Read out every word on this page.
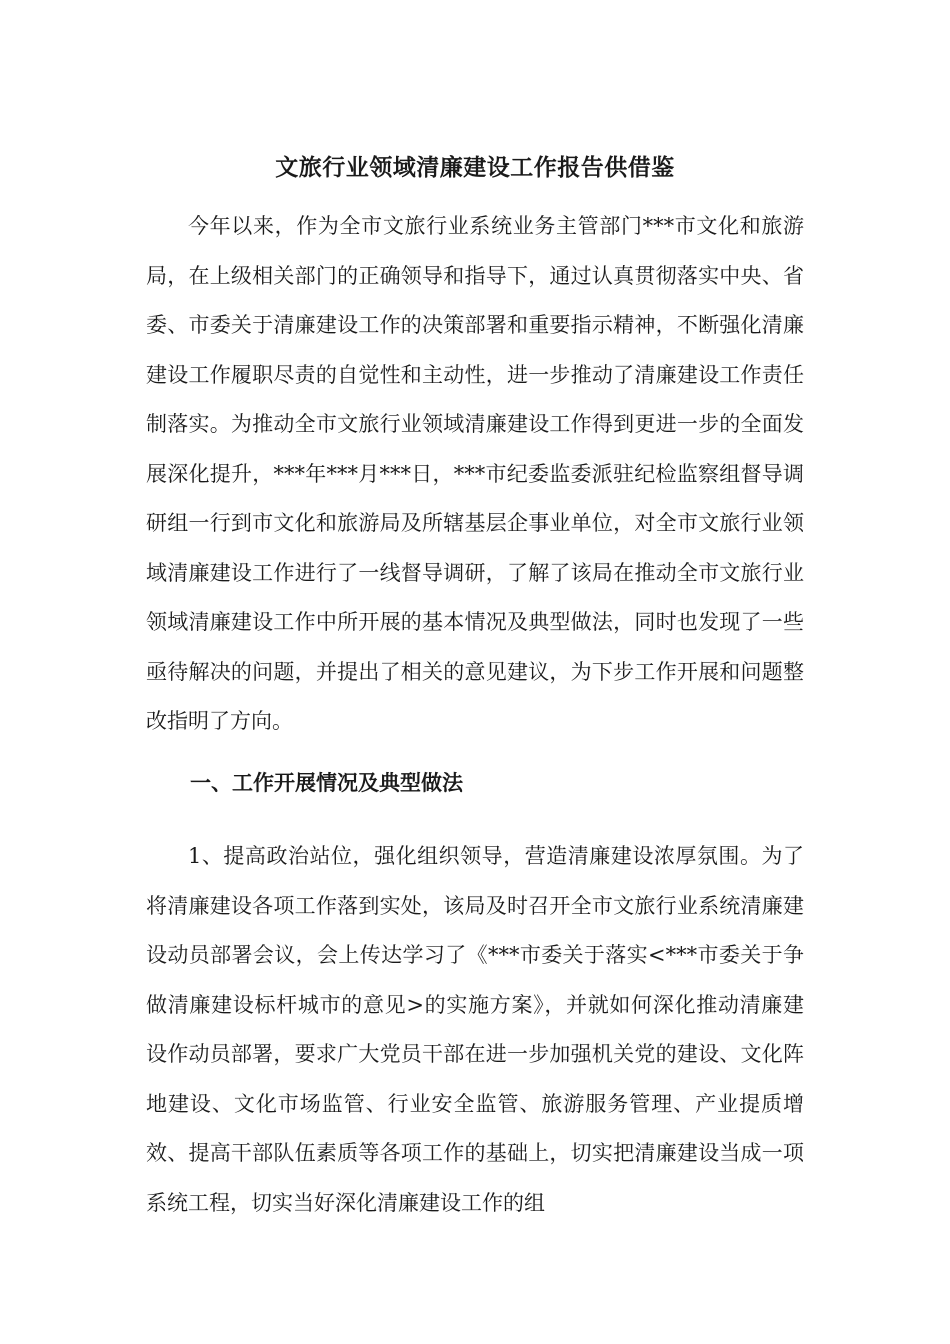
文旅行业领域清廉建设工作报告供借鉴

今年以来，作为全市文旅行业系统业务主管部门***市文化和旅游局，在上级相关部门的正确领导和指导下，通过认真贯彻落实中央、省委、市委关于清廉建设工作的决策部署和重要指示精神，不断强化清廉建设工作履职尽责的自觉性和主动性，进一步推动了清廉建设工作责任制落实。为推动全市文旅行业领域清廉建设工作得到更进一步的全面发展深化提升，***年***月***日，***市纪委监委派驻纪检监察组督导调研组一行到市文化和旅游局及所辖基层企事业单位，对全市文旅行业领域清廉建设工作进行了一线督导调研，了解了该局在推动全市文旅行业领域清廉建设工作中所开展的基本情况及典型做法，同时也发现了一些亟待解决的问题，并提出了相关的意见建议，为下步工作开展和问题整改指明了方向。

一、工作开展情况及典型做法

1、提高政治站位，强化组织领导，营造清廉建设浓厚氛围。为了将清廉建设各项工作落到实处，该局及时召开全市文旅行业系统清廉建设动员部署会议，会上传达学习了《***市委关于落实<***市委关于争做清廉建设标杆城市的意见>的实施方案》，并就如何深化推动清廉建设作动员部署，要求广大党员干部在进一步加强机关党的建设、文化阵地建设、文化市场监管、行业安全监管、旅游服务管理、产业提质增效、提高干部队伍素质等各项工作的基础上，切实把清廉建设当成一项系统工程，切实当好深化清廉建设工作的组
